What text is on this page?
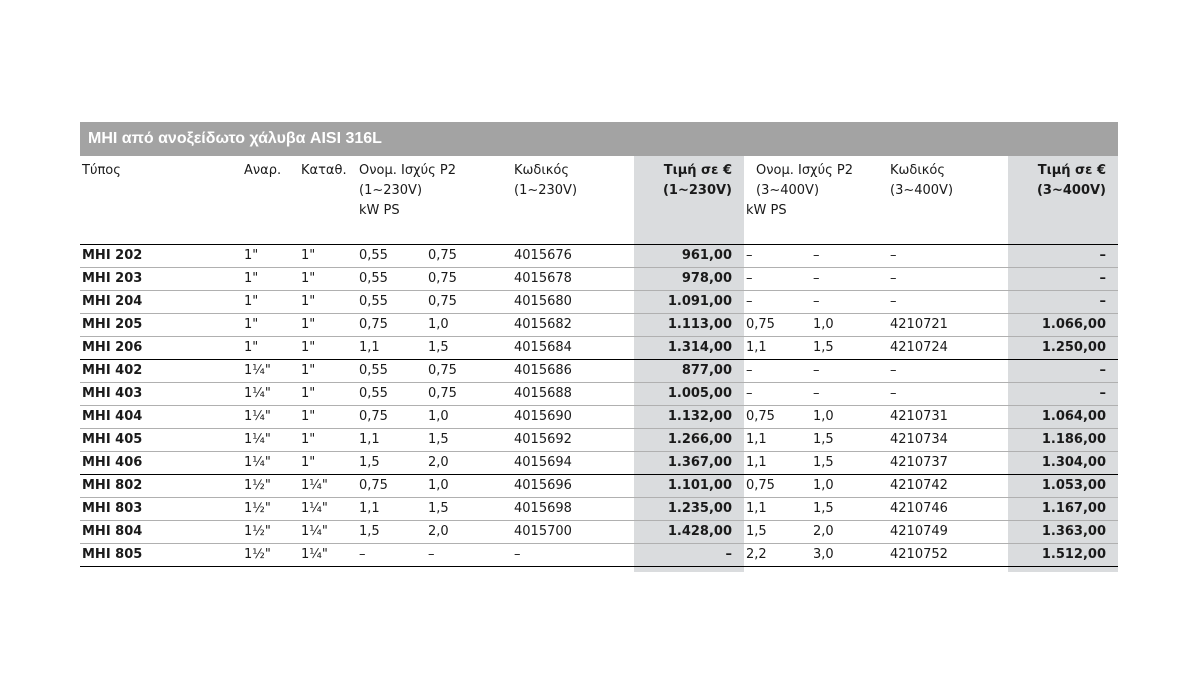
MHI από ανοξείδωτο χάλυβα AISI 316L
Τύπος	Αναρ.	Καταθ.	Ονομ. Ισχύς P2
(1~230V)
kW PS		Κωδικός
(1~230V)	Τιμή σε €
(1~230V)	Ονομ. Ισχύς P2
(3~400V)
kW PS		Κωδικός
(3~400V)	Τιμή σε €
(3~400V)

MHI 202	1"	1"	0,55	0,75	4015676	961,00	–	–	–	–
MHI 203	1"	1"	0,55	0,75	4015678	978,00	–	–	–	–
MHI 204	1"	1"	0,55	0,75	4015680	1.091,00	–	–	–	–
MHI 205	1"	1"	0,75	1,0	4015682	1.113,00	0,75	1,0	4210721	1.066,00
MHI 206	1"	1"	1,1	1,5	4015684	1.314,00	1,1	1,5	4210724	1.250,00
MHI 402	1¼"	1"	0,55	0,75	4015686	877,00	–	–	–	–
MHI 403	1¼"	1"	0,55	0,75	4015688	1.005,00	–	–	–	–
MHI 404	1¼"	1"	0,75	1,0	4015690	1.132,00	0,75	1,0	4210731	1.064,00
MHI 405	1¼"	1"	1,1	1,5	4015692	1.266,00	1,1	1,5	4210734	1.186,00
MHI 406	1¼"	1"	1,5	2,0	4015694	1.367,00	1,1	1,5	4210737	1.304,00
MHI 802	1½"	1¼"	0,75	1,0	4015696	1.101,00	0,75	1,0	4210742	1.053,00
MHI 803	1½"	1¼"	1,1	1,5	4015698	1.235,00	1,1	1,5	4210746	1.167,00
MHI 804	1½"	1¼"	1,5	2,0	4015700	1.428,00	1,5	2,0	4210749	1.363,00
MHI 805	1½"	1¼"	–	–	–	–	2,2	3,0	4210752	1.512,00
